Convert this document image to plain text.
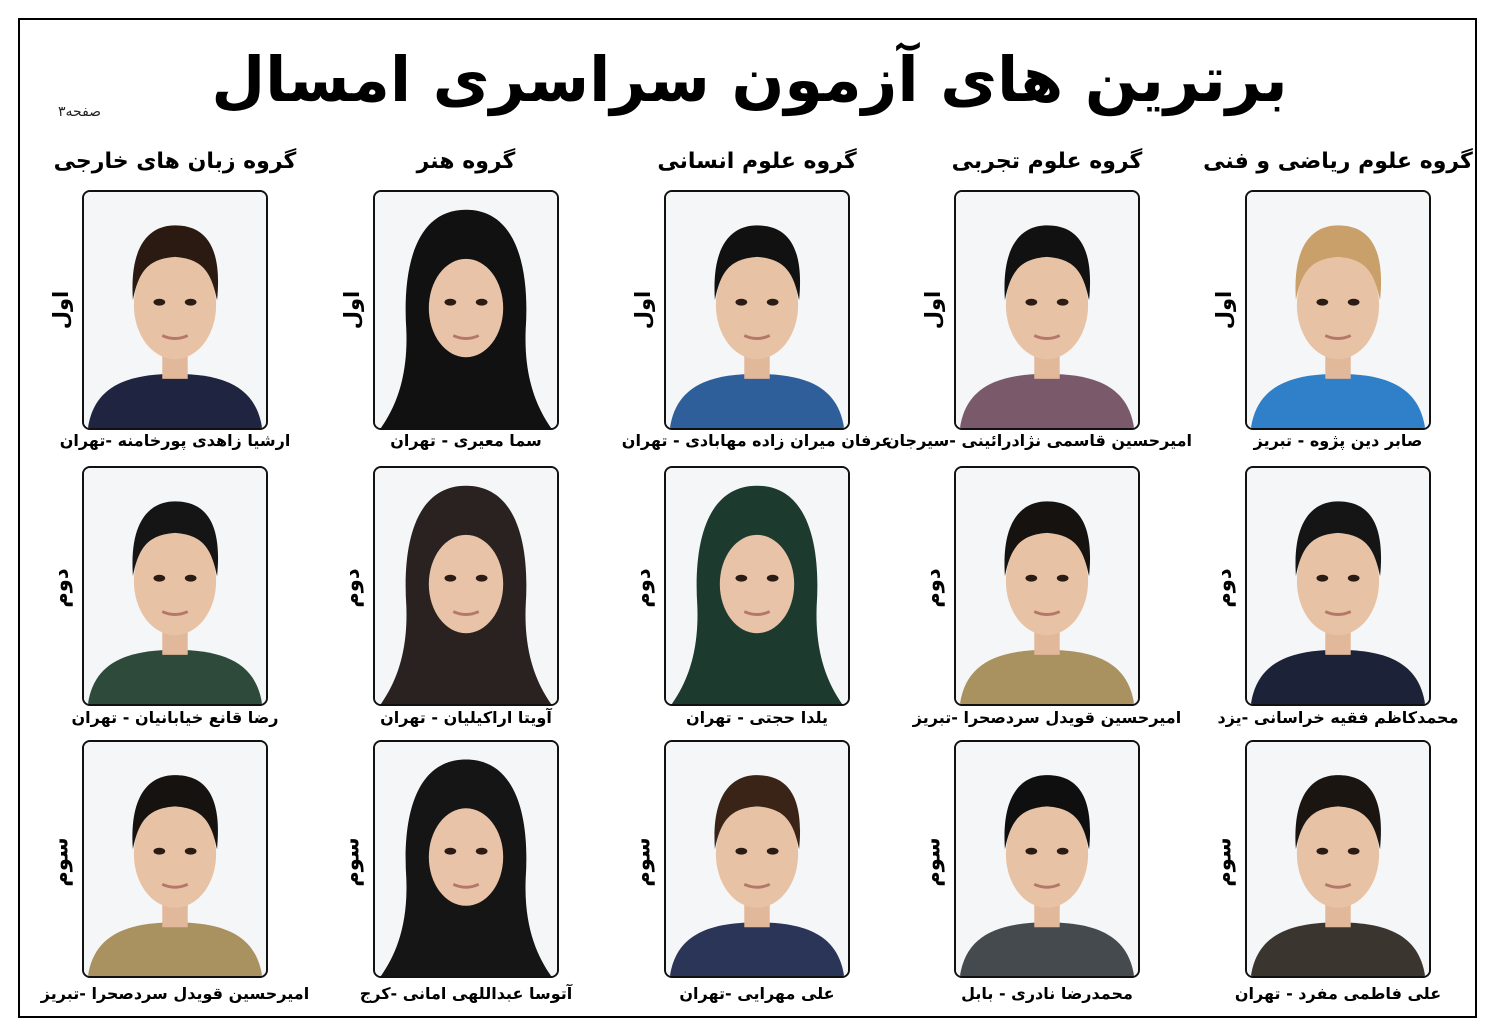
برترین های آزمون سراسری امسال
صفحه۳
گروه علوم ریاضی و فنی
اول
صابر دین پژوه - تبریز
دوم
محمدکاظم فقیه خراسانی -یزد
سوم
علی فاطمی مفرد - تهران
گروه علوم تجربی
اول
امیرحسین قاسمی نژادرائینی -سیرجان
دوم
امیرحسین قویدل سردصحرا -تبریز
سوم
محمدرضا نادری - بابل
گروه علوم انسانی
اول
عرفان میران زاده مهابادی - تهران
دوم
یلدا حجتی - تهران
سوم
علی مهرایی -تهران
گروه هنر
اول
سما معیری - تهران
دوم
آویتا اراکیلیان - تهران
سوم
آتوسا عبداللهی امانی -کرج
گروه زبان های خارجی
اول
ارشیا زاهدی پورخامنه -تهران
دوم
رضا قانع خیابانیان - تهران
سوم
امیرحسین قویدل سردصحرا -تبریز
